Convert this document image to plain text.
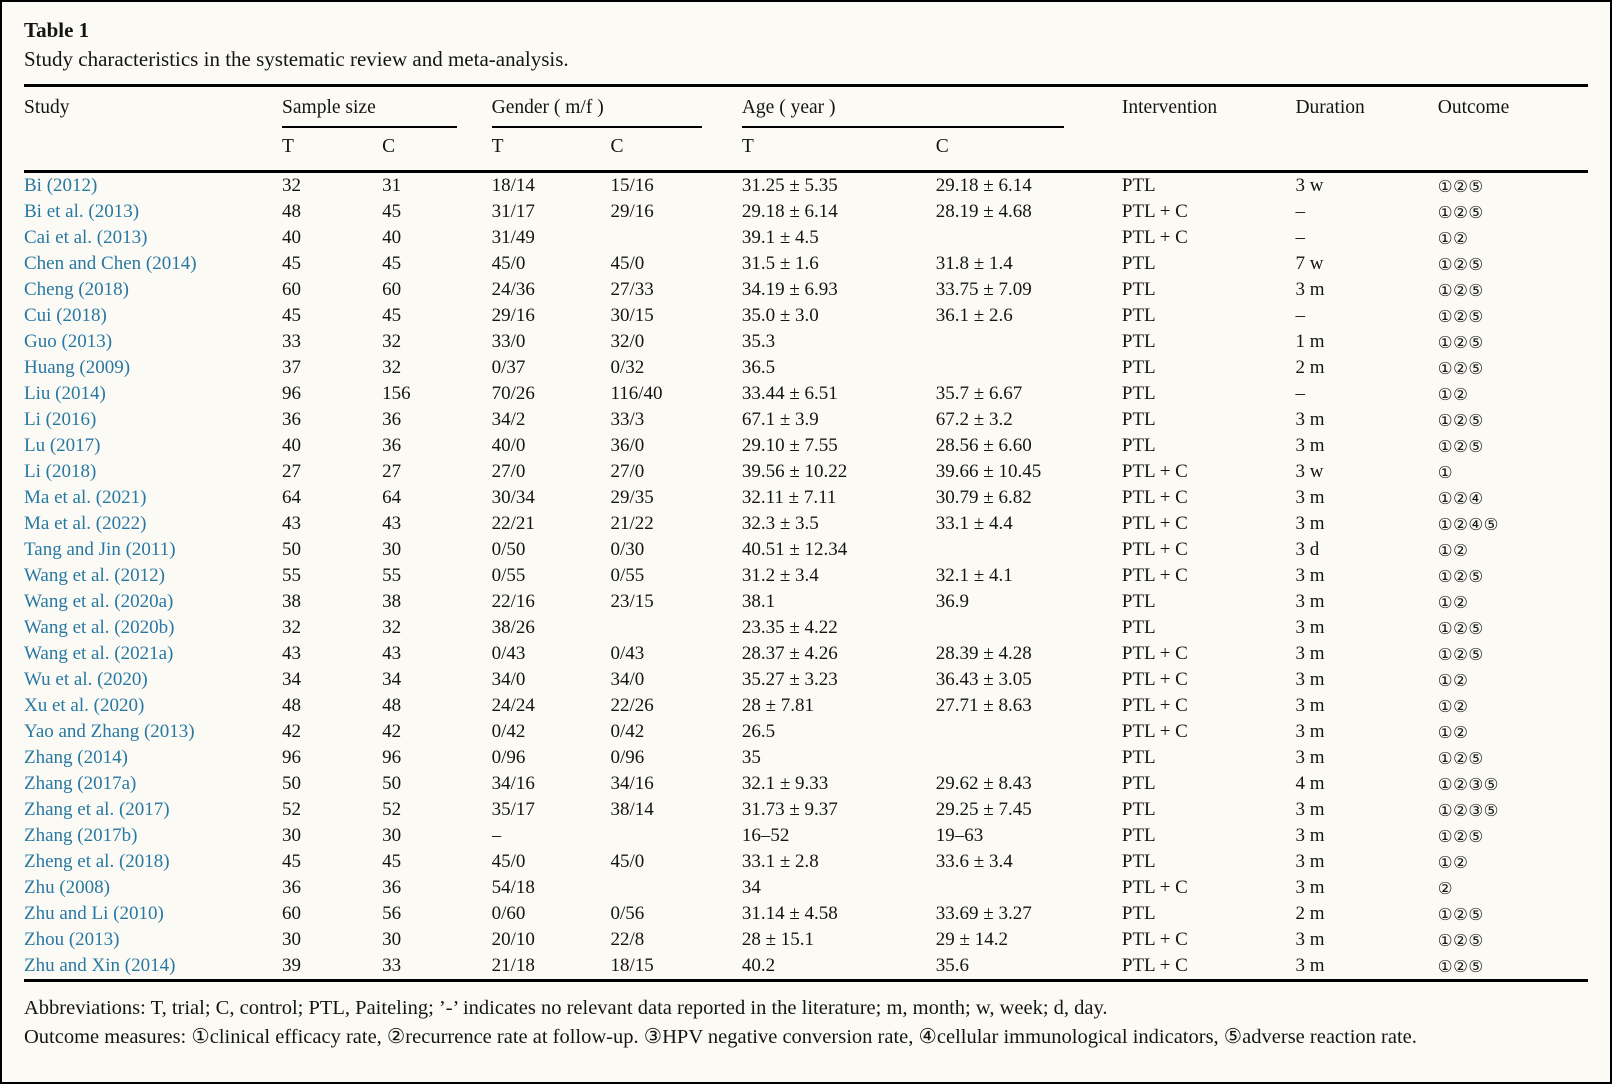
Table 1
Study characteristics in the systematic review and meta-analysis.
Study	Sample size		Gender ( m/f )		Age ( year )		Intervention	Duration	Outcome
	T	C	T	C	T	C			
Bi (2012)	32	31	18/14	15/16	31.25 ± 5.35	29.18 ± 6.14	PTL	3 w	①②⑤
Bi et al. (2013)	48	45	31/17	29/16	29.18 ± 6.14	28.19 ± 4.68	PTL + C	–	①②⑤
Cai et al. (2013)	40	40	31/49		39.1 ± 4.5		PTL + C	–	①②
Chen and Chen (2014)	45	45	45/0	45/0	31.5 ± 1.6	31.8 ± 1.4	PTL	7 w	①②⑤
Cheng (2018)	60	60	24/36	27/33	34.19 ± 6.93	33.75 ± 7.09	PTL	3 m	①②⑤
Cui (2018)	45	45	29/16	30/15	35.0 ± 3.0	36.1 ± 2.6	PTL	–	①②⑤
Guo (2013)	33	32	33/0	32/0	35.3		PTL	1 m	①②⑤
Huang (2009)	37	32	0/37	0/32	36.5		PTL	2 m	①②⑤
Liu (2014)	96	156	70/26	116/40	33.44 ± 6.51	35.7 ± 6.67	PTL	–	①②
Li (2016)	36	36	34/2	33/3	67.1 ± 3.9	67.2 ± 3.2	PTL	3 m	①②⑤
Lu (2017)	40	36	40/0	36/0	29.10 ± 7.55	28.56 ± 6.60	PTL	3 m	①②⑤
Li (2018)	27	27	27/0	27/0	39.56 ± 10.22	39.66 ± 10.45	PTL + C	3 w	①
Ma et al. (2021)	64	64	30/34	29/35	32.11 ± 7.11	30.79 ± 6.82	PTL + C	3 m	①②④
Ma et al. (2022)	43	43	22/21	21/22	32.3 ± 3.5	33.1 ± 4.4	PTL + C	3 m	①②④⑤
Tang and Jin (2011)	50	30	0/50	0/30	40.51 ± 12.34		PTL + C	3 d	①②
Wang et al. (2012)	55	55	0/55	0/55	31.2 ± 3.4	32.1 ± 4.1	PTL + C	3 m	①②⑤
Wang et al. (2020a)	38	38	22/16	23/15	38.1	36.9	PTL	3 m	①②
Wang et al. (2020b)	32	32	38/26		23.35 ± 4.22		PTL	3 m	①②⑤
Wang et al. (2021a)	43	43	0/43	0/43	28.37 ± 4.26	28.39 ± 4.28	PTL + C	3 m	①②⑤
Wu et al. (2020)	34	34	34/0	34/0	35.27 ± 3.23	36.43 ± 3.05	PTL + C	3 m	①②
Xu et al. (2020)	48	48	24/24	22/26	28 ± 7.81	27.71 ± 8.63	PTL + C	3 m	①②
Yao and Zhang (2013)	42	42	0/42	0/42	26.5		PTL + C	3 m	①②
Zhang (2014)	96	96	0/96	0/96	35		PTL	3 m	①②⑤
Zhang (2017a)	50	50	34/16	34/16	32.1 ± 9.33	29.62 ± 8.43	PTL	4 m	①②③⑤
Zhang et al. (2017)	52	52	35/17	38/14	31.73 ± 9.37	29.25 ± 7.45	PTL	3 m	①②③⑤
Zhang (2017b)	30	30	–		16–52	19–63	PTL	3 m	①②⑤
Zheng et al. (2018)	45	45	45/0	45/0	33.1 ± 2.8	33.6 ± 3.4	PTL	3 m	①②
Zhu (2008)	36	36	54/18		34		PTL + C	3 m	②
Zhu and Li (2010)	60	56	0/60	0/56	31.14 ± 4.58	33.69 ± 3.27	PTL	2 m	①②⑤
Zhou (2013)	30	30	20/10	22/8	28 ± 15.1	29 ± 14.2	PTL + C	3 m	①②⑤
Zhu and Xin (2014)	39	33	21/18	18/15	40.2	35.6	PTL + C	3 m	①②⑤

Abbreviations: T, trial; C, control; PTL, Paiteling; ’-’ indicates no relevant data reported in the literature; m, month; w, week; d, day.

Outcome measures: ①clinical efficacy rate, ②recurrence rate at follow-up. ③HPV negative conversion rate, ④cellular immunological indicators, ⑤adverse reaction rate.
